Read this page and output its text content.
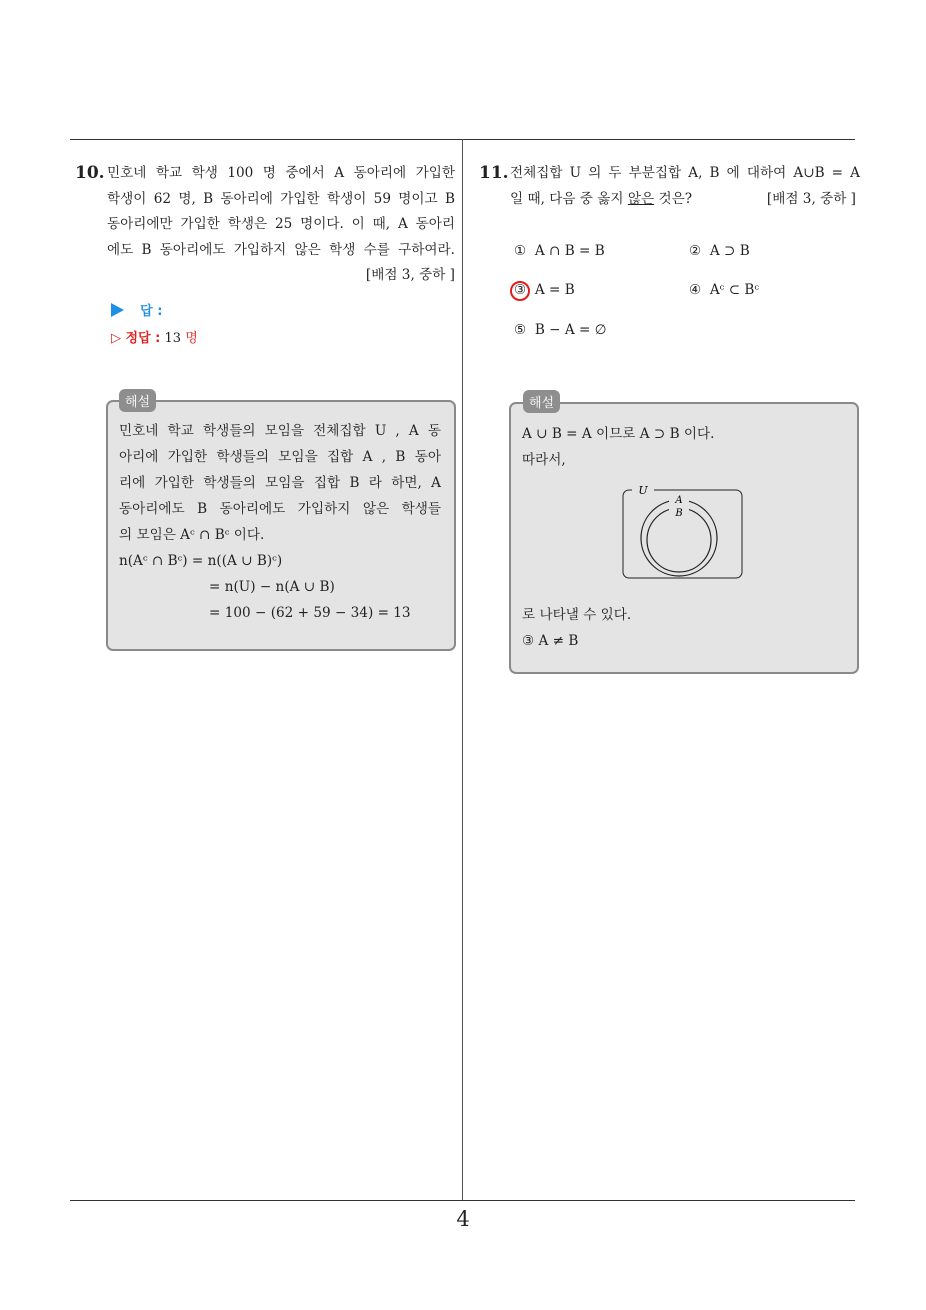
4
10. 민호네 학교 학생 100 명 중에서 A 동아리에 가입한
학생이 62 명, B 동아리에 가입한 학생이 59 명이고 B
동아리에만 가입한 학생은 25 명이다. 이 때, A 동아리
에도 B 동아리에도 가입하지 않은 학생 수를 구하여라.
[배점 3, 중하 ]
답 :
▷ 정답 : 13 명
해설
민호네 학교 학생들의 모임을 전체집합 U , A 동
아리에 가입한 학생들의 모임을 집합 A , B 동아
리에 가입한 학생들의 모임을 집합 B 라 하면, A
동아리에도 B 동아리에도 가입하지 않은 학생들
의 모임은 Aᶜ ∩ Bᶜ 이다.
n(Aᶜ ∩ Bᶜ) = n((A ∪ B)ᶜ)
= n(U) − n(A ∪ B)
= 100 − (62 + 59 − 34) = 13
11. 전체집합 U 의 두 부분집합 A, B 에 대하여 A∪B = A
일 때, 다음 중 옳지 않은 것은?	[배점 3, 중하 ]
① A ∩ B = B	② A ⊃ B
③ A = B	④ Aᶜ ⊂ Bᶜ
⑤ B − A = ∅
해설
A ∪ B = A 이므로 A ⊃ B 이다.
따라서,
U
A
B
로 나타낼 수 있다.
③ A ≠ B
